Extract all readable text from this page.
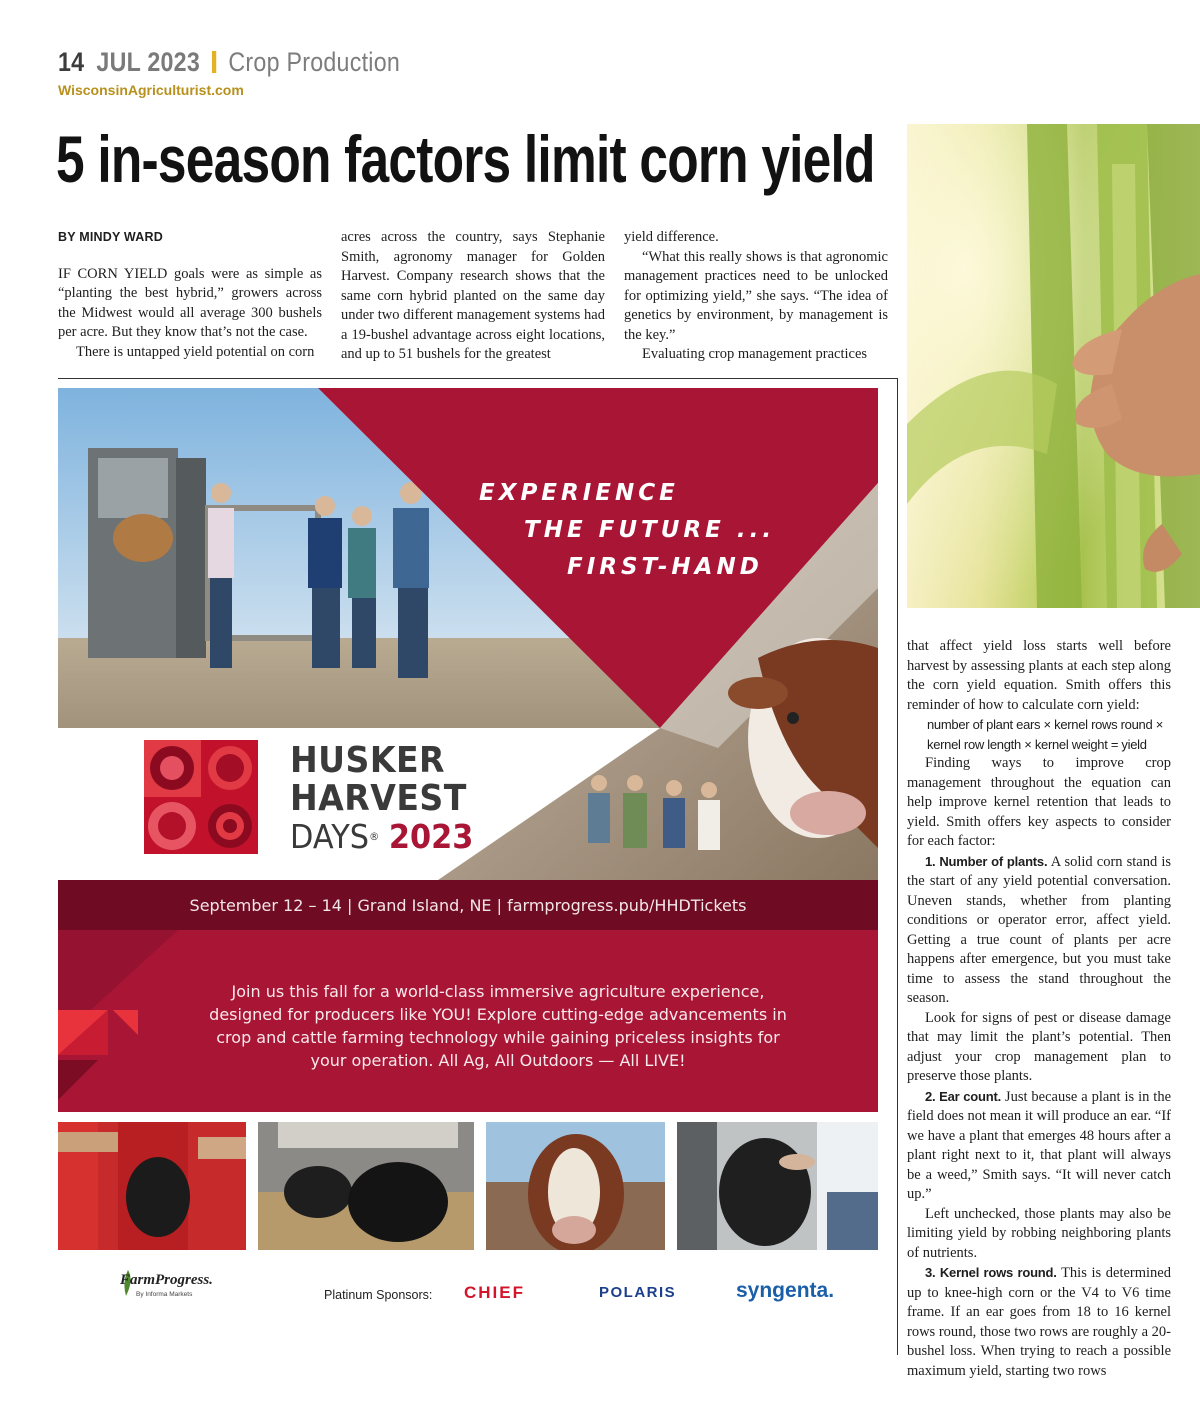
14 JUL 2023 Crop Production
WisconsinAgriculturist.com
5 in-season factors limit corn yield
BY MINDY WARD

IF CORN YIELD goals were as simple as “planting the best hybrid,” growers across the Midwest would all average 300 bushels per acre. But they know that’s not the case.

There is untapped yield potential on corn

acres across the country, says Stephanie Smith, agronomy manager for Golden Harvest. Company research shows that the same corn hybrid planted on the same day under two different management systems had a 19-bushel advantage across eight locations, and up to 51 bushels for the greatest

yield difference.

“What this really shows is that agronomic management practices need to be unlocked for optimizing yield,” she says. “The idea of genetics by environment, by management is the key.”

Evaluating crop management practices

EXPERIENCE
THE FUTURE ...
FIRST-HAND
HUSKER
HARVEST
DAYS® 2023
September 12 – 14 | Grand Island, NE | farmprogress.pub/HHDTickets
Join us this fall for a world-class immersive agriculture experience, designed for producers like YOU! Explore cutting-edge advancements in crop and cattle farming technology while gaining priceless insights for your operation. All Ag, All Outdoors — All LIVE!
FarmProgress.
By Informa Markets	Platinum Sponsors: CHIEF	POLARIS	syngenta.

that affect yield loss starts well before harvest by assessing plants at each step along the corn yield equation. Smith offers this reminder of how to calculate corn yield:

number of plant ears × kernel rows round ×

kernel row length × kernel weight = yield

Finding ways to improve crop management throughout the equation can help improve kernel retention that leads to yield. Smith offers key aspects to consider for each factor:

1. Number of plants. A solid corn stand is the start of any yield potential conversation. Uneven stands, whether from planting conditions or operator error, affect yield. Getting a true count of plants per acre happens after emergence, but you must take time to assess the stand throughout the season.

Look for signs of pest or disease damage that may limit the plant’s potential. Then adjust your crop management plan to preserve those plants.

2. Ear count. Just because a plant is in the field does not mean it will produce an ear. “If we have a plant that emerges 48 hours after a plant right next to it, that plant will always be a weed,” Smith says. “It will never catch up.”

Left unchecked, those plants may also be limiting yield by robbing neighboring plants of nutrients.

3. Kernel rows round. This is determined up to knee-high corn or the V4 to V6 time frame. If an ear goes from 18 to 16 kernel rows round, those two rows are roughly a 20-bushel loss. When trying to reach a possible maximum yield, starting two rows
